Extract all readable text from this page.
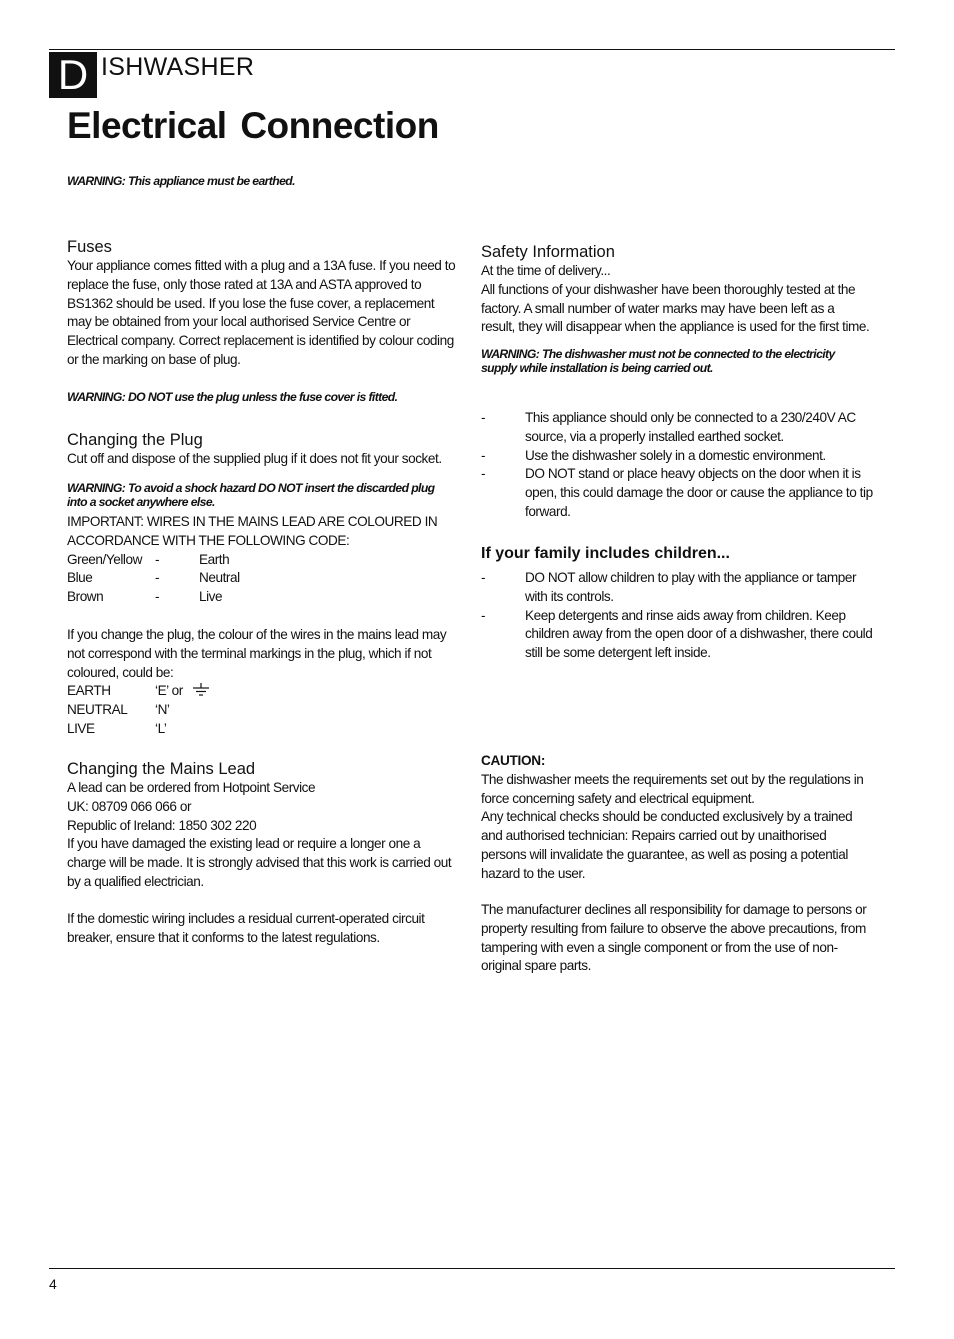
D ISHWASHER
Electrical Connection
WARNING: This appliance must be earthed.
Fuses

Your appliance comes fitted with a plug and a 13A fuse. If you need to

replace the fuse, only those rated at 13A and ASTA approved to

BS1362 should be used. If you lose the fuse cover, a replacement

may be obtained from your local authorised Service Centre or

Electrical company. Correct replacement is identified by colour coding

or the marking on base of plug.

WARNING: DO NOT use the plug unless the fuse cover is fitted.
Changing the Plug
Cut off and dispose of the supplied plug if it does not fit your socket.

WARNING: To avoid a shock hazard DO NOT insert the discarded plug

into a socket anywhere else.

IMPORTANT: WIRES IN THE MAINS LEAD ARE COLOURED IN

ACCORDANCE WITH THE FOLLOWING CODE:

Green/Yellow -	Earth
Blue	-	Neutral
Brown	-	Live

If you change the plug, the colour of the wires in the mains lead may

not correspond with the terminal markings in the plug, which if not

coloured, could be:

EARTH	‘E’ or
NEUTRAL ‘N’
LIVE	‘L’
Changing the Mains Lead

A lead can be ordered from Hotpoint Service

UK: 08709 066 066 or

Republic of Ireland: 1850 302 220

If you have damaged the existing lead or require a longer one a

charge will be made. It is strongly advised that this work is carried out

by a qualified electrician.

If the domestic wiring includes a residual current-operated circuit

breaker, ensure that it conforms to the latest regulations.

Safety Information

At the time of delivery...

All functions of your dishwasher have been thoroughly tested at the

factory. A small number of water marks may have been left as a

result, they will disappear when the appliance is used for the first time.

WARNING: The dishwasher must not be connected to the electricity

supply while installation is being carried out.

-	This appliance should only be connected to a 230/240V AC

source, via a properly installed earthed socket.

-	Use the dishwasher solely in a domestic environment.

-	DO NOT stand or place heavy objects on the door when it is

open, this could damage the door or cause the appliance to tip

forward.

If your family includes children...
-	DO NOT allow children to play with the appliance or tamper

with its controls.

-	Keep detergents and rinse aids away from children. Keep

children away from the open door of a dishwasher, there could

still be some detergent left inside.

CAUTION:

The dishwasher meets the requirements set out by the regulations in

force concerning safety and electrical equipment.

Any technical checks should be conducted exclusively by a trained

and authorised technician: Repairs carried out by unaithorised

persons will invalidate the guarantee, as well as posing a potential

hazard to the user.

The manufacturer declines all responsibility for damage to persons or

property resulting from failure to observe the above precautions, from

tampering with even a single component or from the use of non-

original spare parts.

4
